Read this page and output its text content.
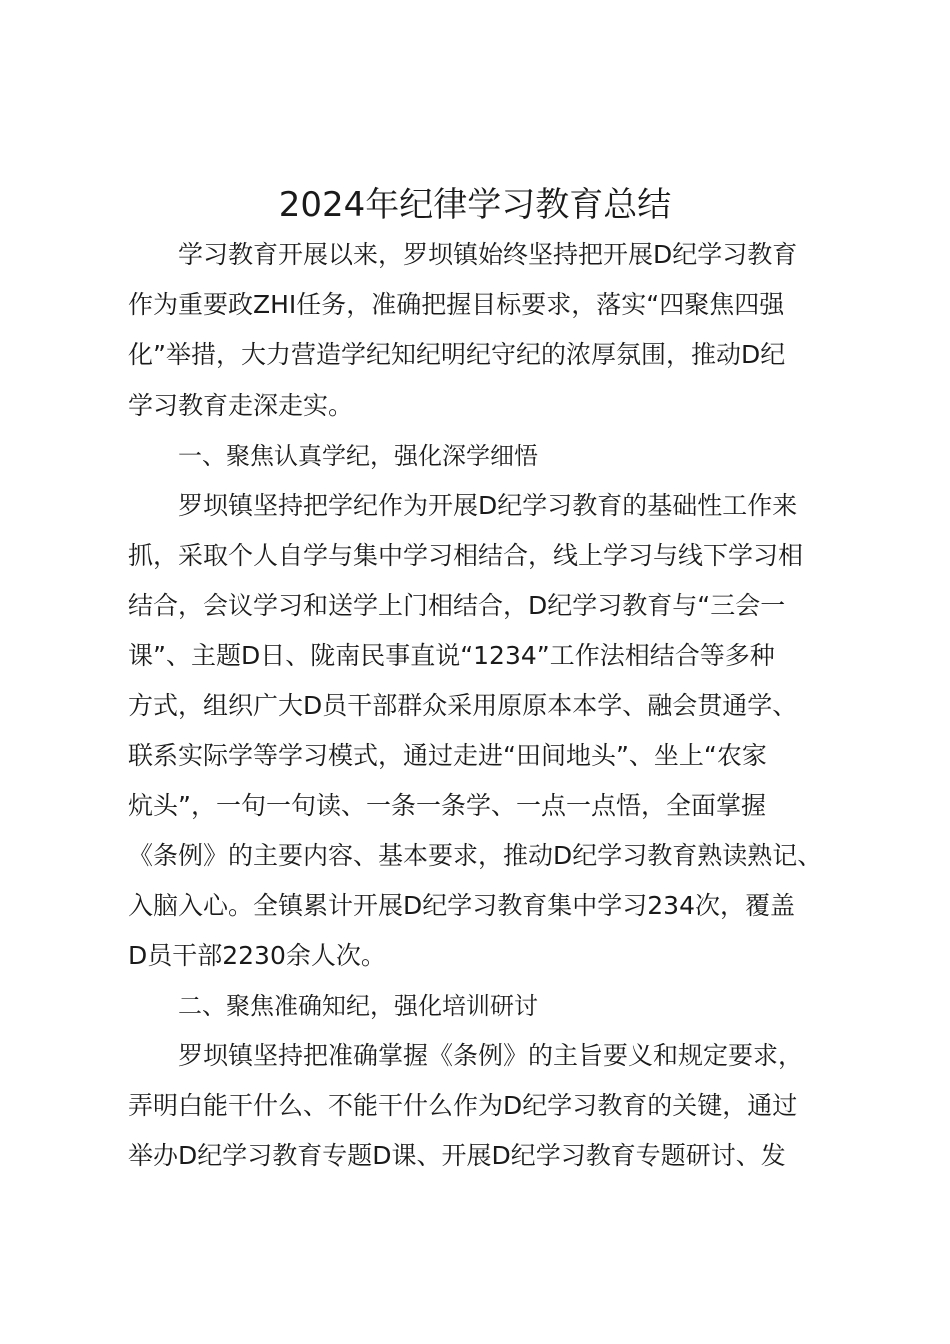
2024年纪律学习教育总结
学习教育开展以来，罗坝镇始终坚持把开展D纪学习教育
作为重要政ZHI任务，准确把握目标要求，落实“四聚焦四强
化”举措，大力营造学纪知纪明纪守纪的浓厚氛围，推动D纪
学习教育走深走实。
一、聚焦认真学纪，强化深学细悟
罗坝镇坚持把学纪作为开展D纪学习教育的基础性工作来
抓，采取个人自学与集中学习相结合，线上学习与线下学习相
结合，会议学习和送学上门相结合，D纪学习教育与“三会一
课”、主题D日、陇南民事直说“1234”工作法相结合等多种
方式，组织广大D员干部群众采用原原本本学、融会贯通学、
联系实际学等学习模式，通过走进“田间地头”、坐上“农家
炕头”，一句一句读、一条一条学、一点一点悟，全面掌握
《条例》的主要内容、基本要求，推动D纪学习教育熟读熟记、
入脑入心。全镇累计开展D纪学习教育集中学习234次，覆盖
D员干部2230余人次。
二、聚焦准确知纪，强化培训研讨
罗坝镇坚持把准确掌握《条例》的主旨要义和规定要求，
弄明白能干什么、不能干什么作为D纪学习教育的关键，通过
举办D纪学习教育专题D课、开展D纪学习教育专题研讨、发
